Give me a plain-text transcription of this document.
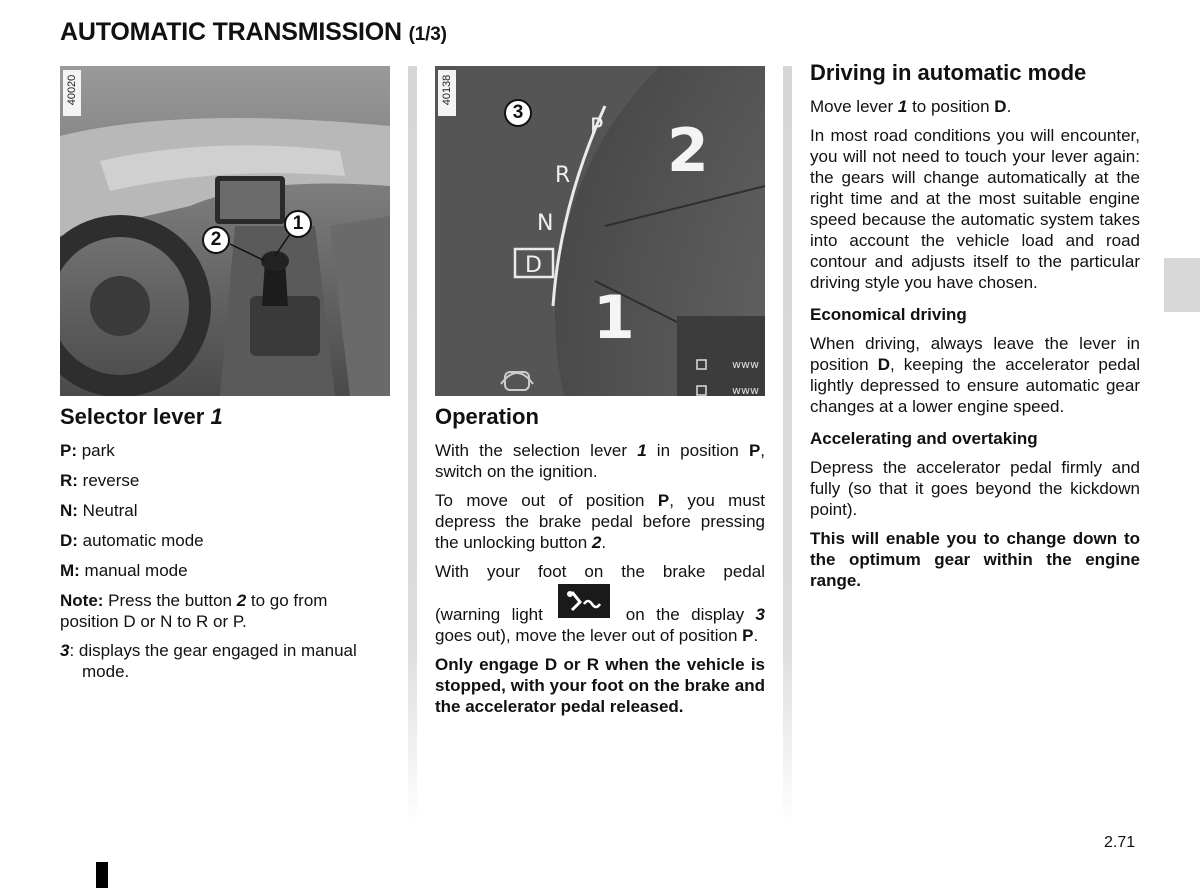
AUTOMATIC TRANSMISSION (1/3)
40020
1
2
Selector lever 1
P: park
R: reverse
N: Neutral
D: automatic mode
M: manual mode

Note: Press the button 2 to go from position D or N to R or P.

3: displays the gear engaged in manual mode.

P
R
N
D
2
1
www
www
40138
3
Operation

With the selection lever 1 in position P, switch on the ignition.

To move out of position P, you must depress the brake pedal before pressing the unlocking button 2.

With your foot on the brake pedal
(warning light	on the display 3 goes out), move the lever out of position P.

Only engage D or R when the vehicle is stopped, with your foot on the brake and the accelerator pedal released.

Driving in automatic mode

Move lever 1 to position D.

In most road conditions you will encounter, you will not need to touch your lever again: the gears will change automatically at the right time and at the most suitable engine speed because the automatic system takes into account the vehicle load and road contour and adjusts itself to the particular driving style you have chosen.

Economical driving

When driving, always leave the lever in position D, keeping the accelerator pedal lightly depressed to ensure automatic gear changes at a lower engine speed.

Accelerating and overtaking

Depress the accelerator pedal firmly and fully (so that it goes beyond the kickdown point).

This will enable you to change down to the optimum gear within the engine range.

2.71
